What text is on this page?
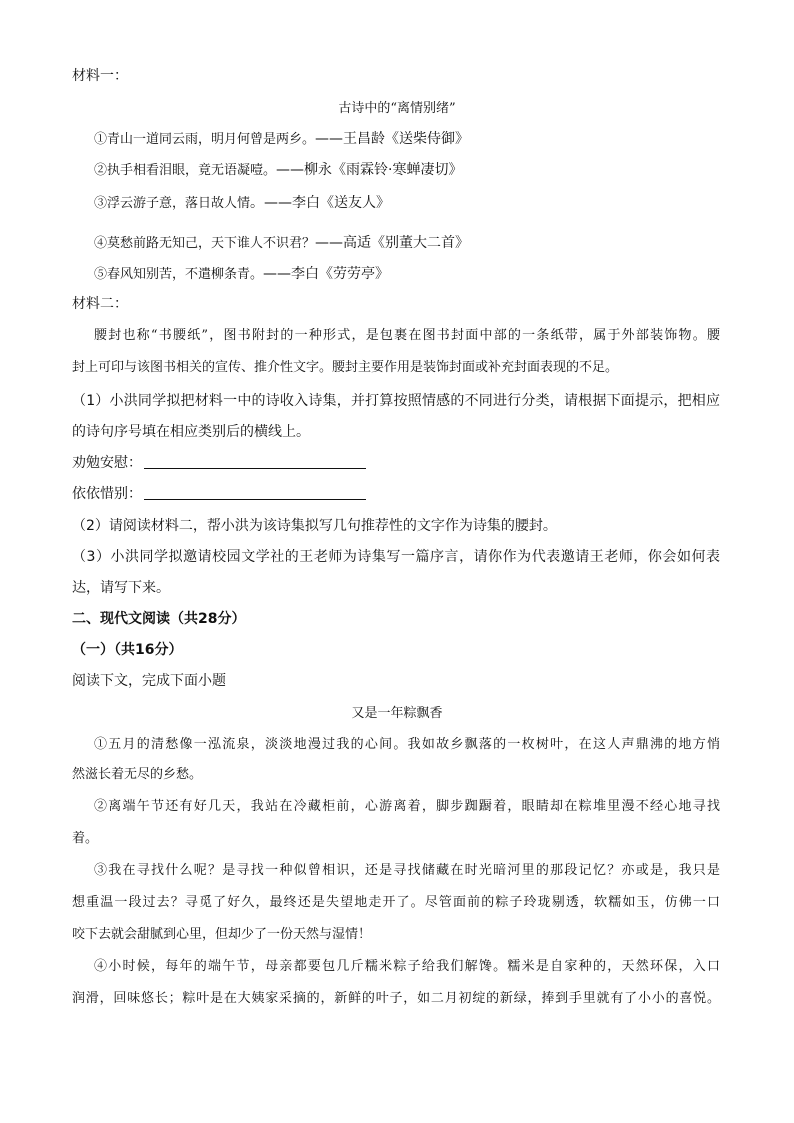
材料一：
古诗中的“离情别绪”
①青山一道同云雨，明月何曾是两乡。——王昌龄《送柴侍御》
②执手相看泪眼，竟无语凝噎。——柳永《雨霖铃·寒蝉凄切》
③浮云游子意，落日故人情。——李白《送友人》
④莫愁前路无知己，天下谁人不识君？——高适《别董大二首》
⑤春风知别苦，不遣柳条青。——李白《劳劳亭》
材料二：
腰封也称“书腰纸”，图书附封的一种形式，是包裹在图书封面中部的一条纸带，属于外部装饰物。腰
封上可印与该图书相关的宣传、推介性文字。腰封主要作用是装饰封面或补充封面表现的不足。
（1）小洪同学拟把材料一中的诗收入诗集，并打算按照情感的不同进行分类，请根据下面提示，把相应
的诗句序号填在相应类别后的横线上。
劝勉安慰：
依依惜别：
（2）请阅读材料二，帮小洪为该诗集拟写几句推荐性的文字作为诗集的腰封。
（3）小洪同学拟邀请校园文学社的王老师为诗集写一篇序言，请你作为代表邀请王老师，你会如何表
达，请写下来。
二、现代文阅读（共28分）
（一）（共16分）
阅读下文，完成下面小题
又是一年粽飘香
①五月的清愁像一泓流泉，淡淡地漫过我的心间。我如故乡飘落的一枚树叶，在这人声鼎沸的地方悄
然滋长着无尽的乡愁。
②离端午节还有好几天，我站在冷藏柜前，心游离着，脚步踟蹰着，眼睛却在粽堆里漫不经心地寻找
着。
③我在寻找什么呢？是寻找一种似曾相识，还是寻找储藏在时光暗河里的那段记忆？亦或是，我只是
想重温一段过去？寻觅了好久，最终还是失望地走开了。尽管面前的粽子玲珑剔透，软糯如玉，仿佛一口
咬下去就会甜腻到心里，但却少了一份天然与湿情！
④小时候，每年的端午节，母亲都要包几斤糯米粽子给我们解馋。糯米是自家种的，天然环保，入口
润滑，回味悠长；粽叶是在大姨家采摘的，新鲜的叶子，如二月初绽的新绿，捧到手里就有了小小的喜悦。
